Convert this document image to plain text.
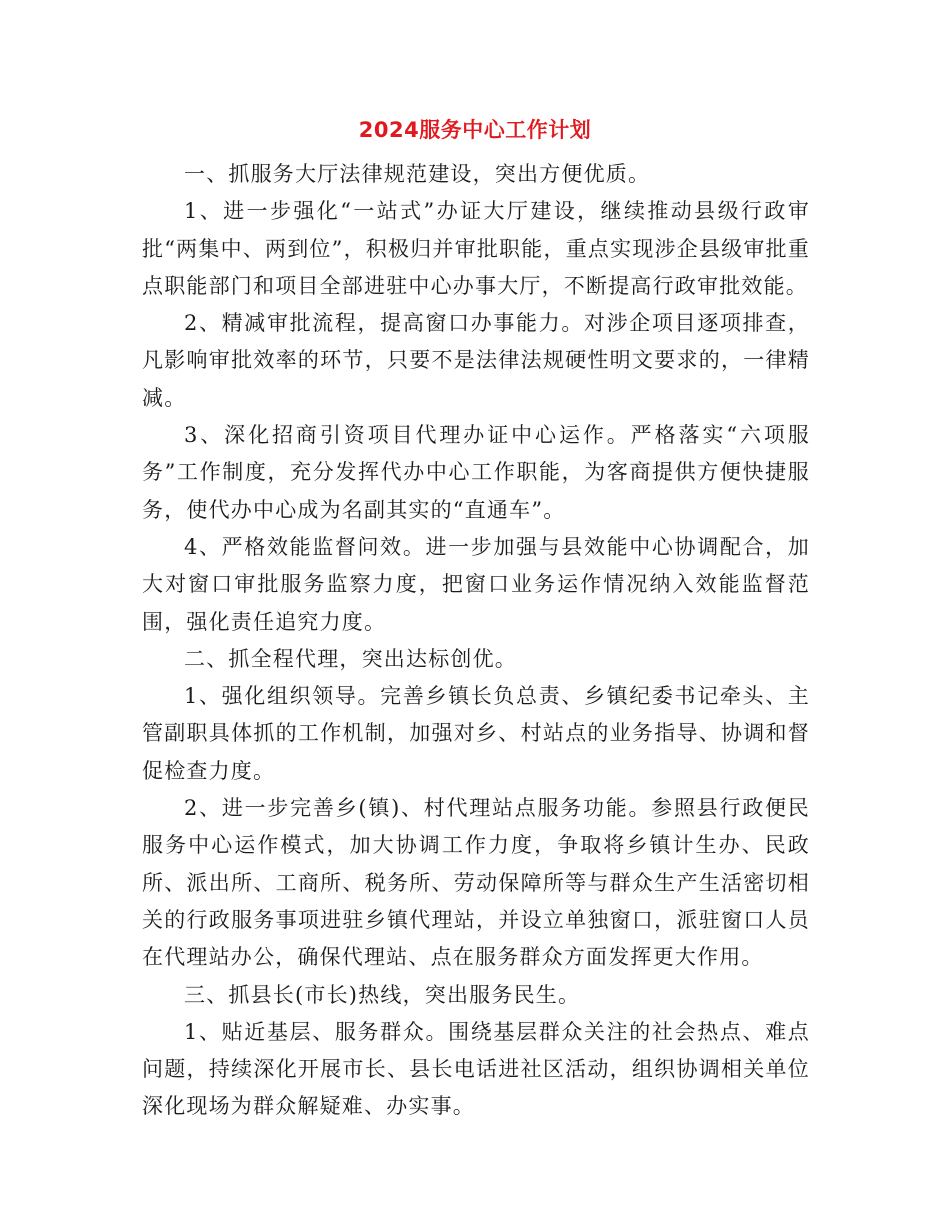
2024服务中心工作计划

一、抓服务大厅法律规范建设，突出方便优质。

1、进一步强化“一站式”办证大厅建设，继续推动县级行政审批“两集中、两到位”，积极归并审批职能，重点实现涉企县级审批重点职能部门和项目全部进驻中心办事大厅，不断提高行政审批效能。

2、精减审批流程，提高窗口办事能力。对涉企项目逐项排查，凡影响审批效率的环节，只要不是法律法规硬性明文要求的，一律精减。

3、深化招商引资项目代理办证中心运作。严格落实“六项服务”工作制度，充分发挥代办中心工作职能，为客商提供方便快捷服务，使代办中心成为名副其实的“直通车”。

4、严格效能监督问效。进一步加强与县效能中心协调配合，加大对窗口审批服务监察力度，把窗口业务运作情况纳入效能监督范围，强化责任追究力度。

二、抓全程代理，突出达标创优。

1、强化组织领导。完善乡镇长负总责、乡镇纪委书记牵头、主管副职具体抓的工作机制，加强对乡、村站点的业务指导、协调和督促检查力度。

2、进一步完善乡(镇)、村代理站点服务功能。参照县行政便民服务中心运作模式，加大协调工作力度，争取将乡镇计生办、民政所、派出所、工商所、税务所、劳动保障所等与群众生产生活密切相关的行政服务事项进驻乡镇代理站，并设立单独窗口，派驻窗口人员在代理站办公，确保代理站、点在服务群众方面发挥更大作用。

三、抓县长(市长)热线，突出服务民生。

1、贴近基层、服务群众。围绕基层群众关注的社会热点、难点问题，持续深化开展市长、县长电话进社区活动，组织协调相关单位深化现场为群众解疑难、办实事。
